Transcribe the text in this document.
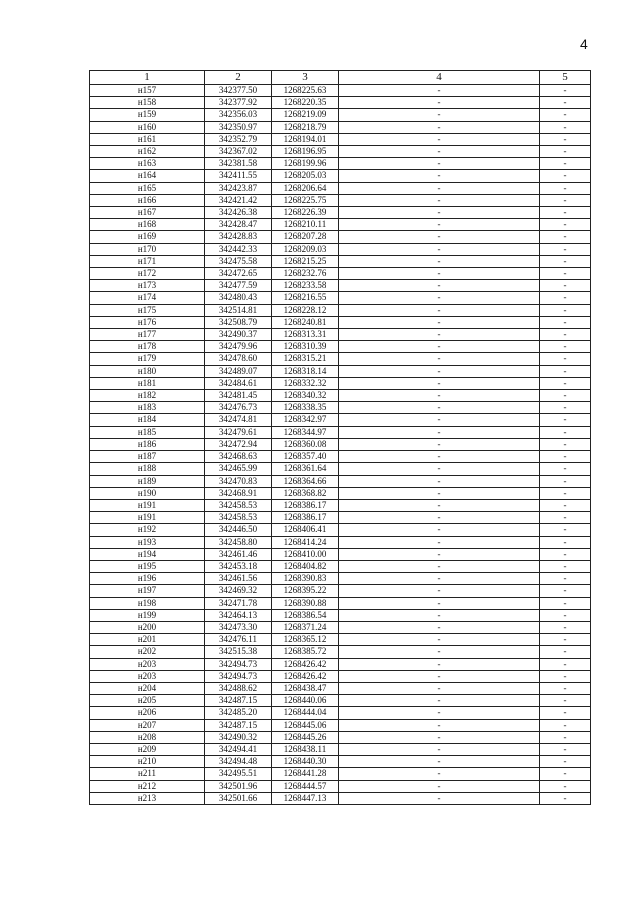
4
1	2	3	4	5
н157	342377.50	1268225.63	-	-
н158	342377.92	1268220.35	-	-
н159	342356.03	1268219.09	-	-
н160	342350.97	1268218.79	-	-
н161	342352.79	1268194.01	-	-
н162	342367.02	1268196.95	-	-
н163	342381.58	1268199.96	-	-
н164	342411.55	1268205.03	-	-
н165	342423.87	1268206.64	-	-
н166	342421.42	1268225.75	-	-
н167	342426.38	1268226.39	-	-
н168	342428.47	1268210.11	-	-
н169	342428.83	1268207.28	-	-
н170	342442.33	1268209.03	-	-
н171	342475.58	1268215.25	-	-
н172	342472.65	1268232.76	-	-
н173	342477.59	1268233.58	-	-
н174	342480.43	1268216.55	-	-
н175	342514.81	1268228.12	-	-
н176	342508.79	1268240.81	-	-
н177	342490.37	1268313.31	-	-
н178	342479.96	1268310.39	-	-
н179	342478.60	1268315.21	-	-
н180	342489.07	1268318.14	-	-
н181	342484.61	1268332.32	-	-
н182	342481.45	1268340.32	-	-
н183	342476.73	1268338.35	-	-
н184	342474.81	1268342.97	-	-
н185	342479.61	1268344.97	-	-
н186	342472.94	1268360.08	-	-
н187	342468.63	1268357.40	-	-
н188	342465.99	1268361.64	-	-
н189	342470.83	1268364.66	-	-
н190	342468.91	1268368.82	-	-
н191	342458.53	1268386.17	-	-
н191	342458.53	1268386.17	-	-
н192	342446.50	1268406.41	-	-
н193	342458.80	1268414.24	-	-
н194	342461.46	1268410.00	-	-
н195	342453.18	1268404.82	-	-
н196	342461.56	1268390.83	-	-
н197	342469.32	1268395.22	-	-
н198	342471.78	1268390.88	-	-
н199	342464.13	1268386.54	-	-
н200	342473.30	1268371.24	-	-
н201	342476.11	1268365.12	-	-
н202	342515.38	1268385.72	-	-
н203	342494.73	1268426.42	-	-
н203	342494.73	1268426.42	-	-
н204	342488.62	1268438.47	-	-
н205	342487.15	1268440.06	-	-
н206	342485.20	1268444.04	-	-
н207	342487.15	1268445.06	-	-
н208	342490.32	1268445.26	-	-
н209	342494.41	1268438.11	-	-
н210	342494.48	1268440.30	-	-
н211	342495.51	1268441.28	-	-
н212	342501.96	1268444.57	-	-
н213	342501.66	1268447.13	-	-
